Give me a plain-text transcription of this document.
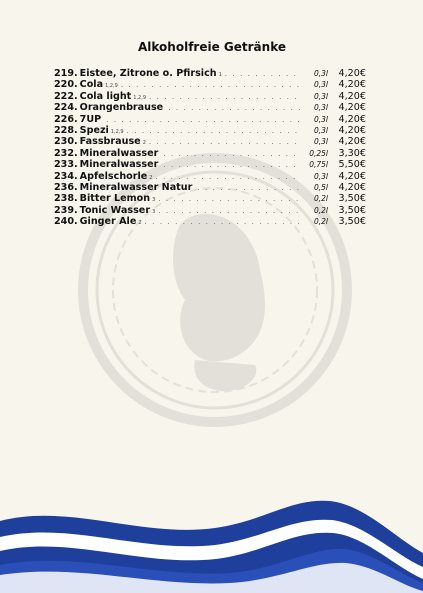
Alkoholfreie Getränke
219. Eistee, Zitrone o. Pfirsich 1 . . .	0,3l	4,20€
220. Cola 1,2,9 . . .	0,3l	4,20€
222. Cola light 1,2,9 . . .	0,3l	4,20€
224. Orangenbrause . . .	0,3l	4,20€
226. 7UP . . .	0,3l	4,20€
228. Spezi 1,2,9 . . .	0,3l	4,20€
230. Fassbrause 2 . . .	0,3l	4,20€
232. Mineralwasser . . .	0,25l	3,30€
233. Mineralwasser . . .	0,75l	5,50€
234. Apfelschorle 2 . . .	0,3l	4,20€
236. Mineralwasser Natur . . .	0,5l	4,20€
238. Bitter Lemon 3 . . .	0,2l	3,50€
239. Tonic Wasser 3 . . .	0,2l	3,50€
240. Ginger Ale 2 . . .	0,2l	3,50€
